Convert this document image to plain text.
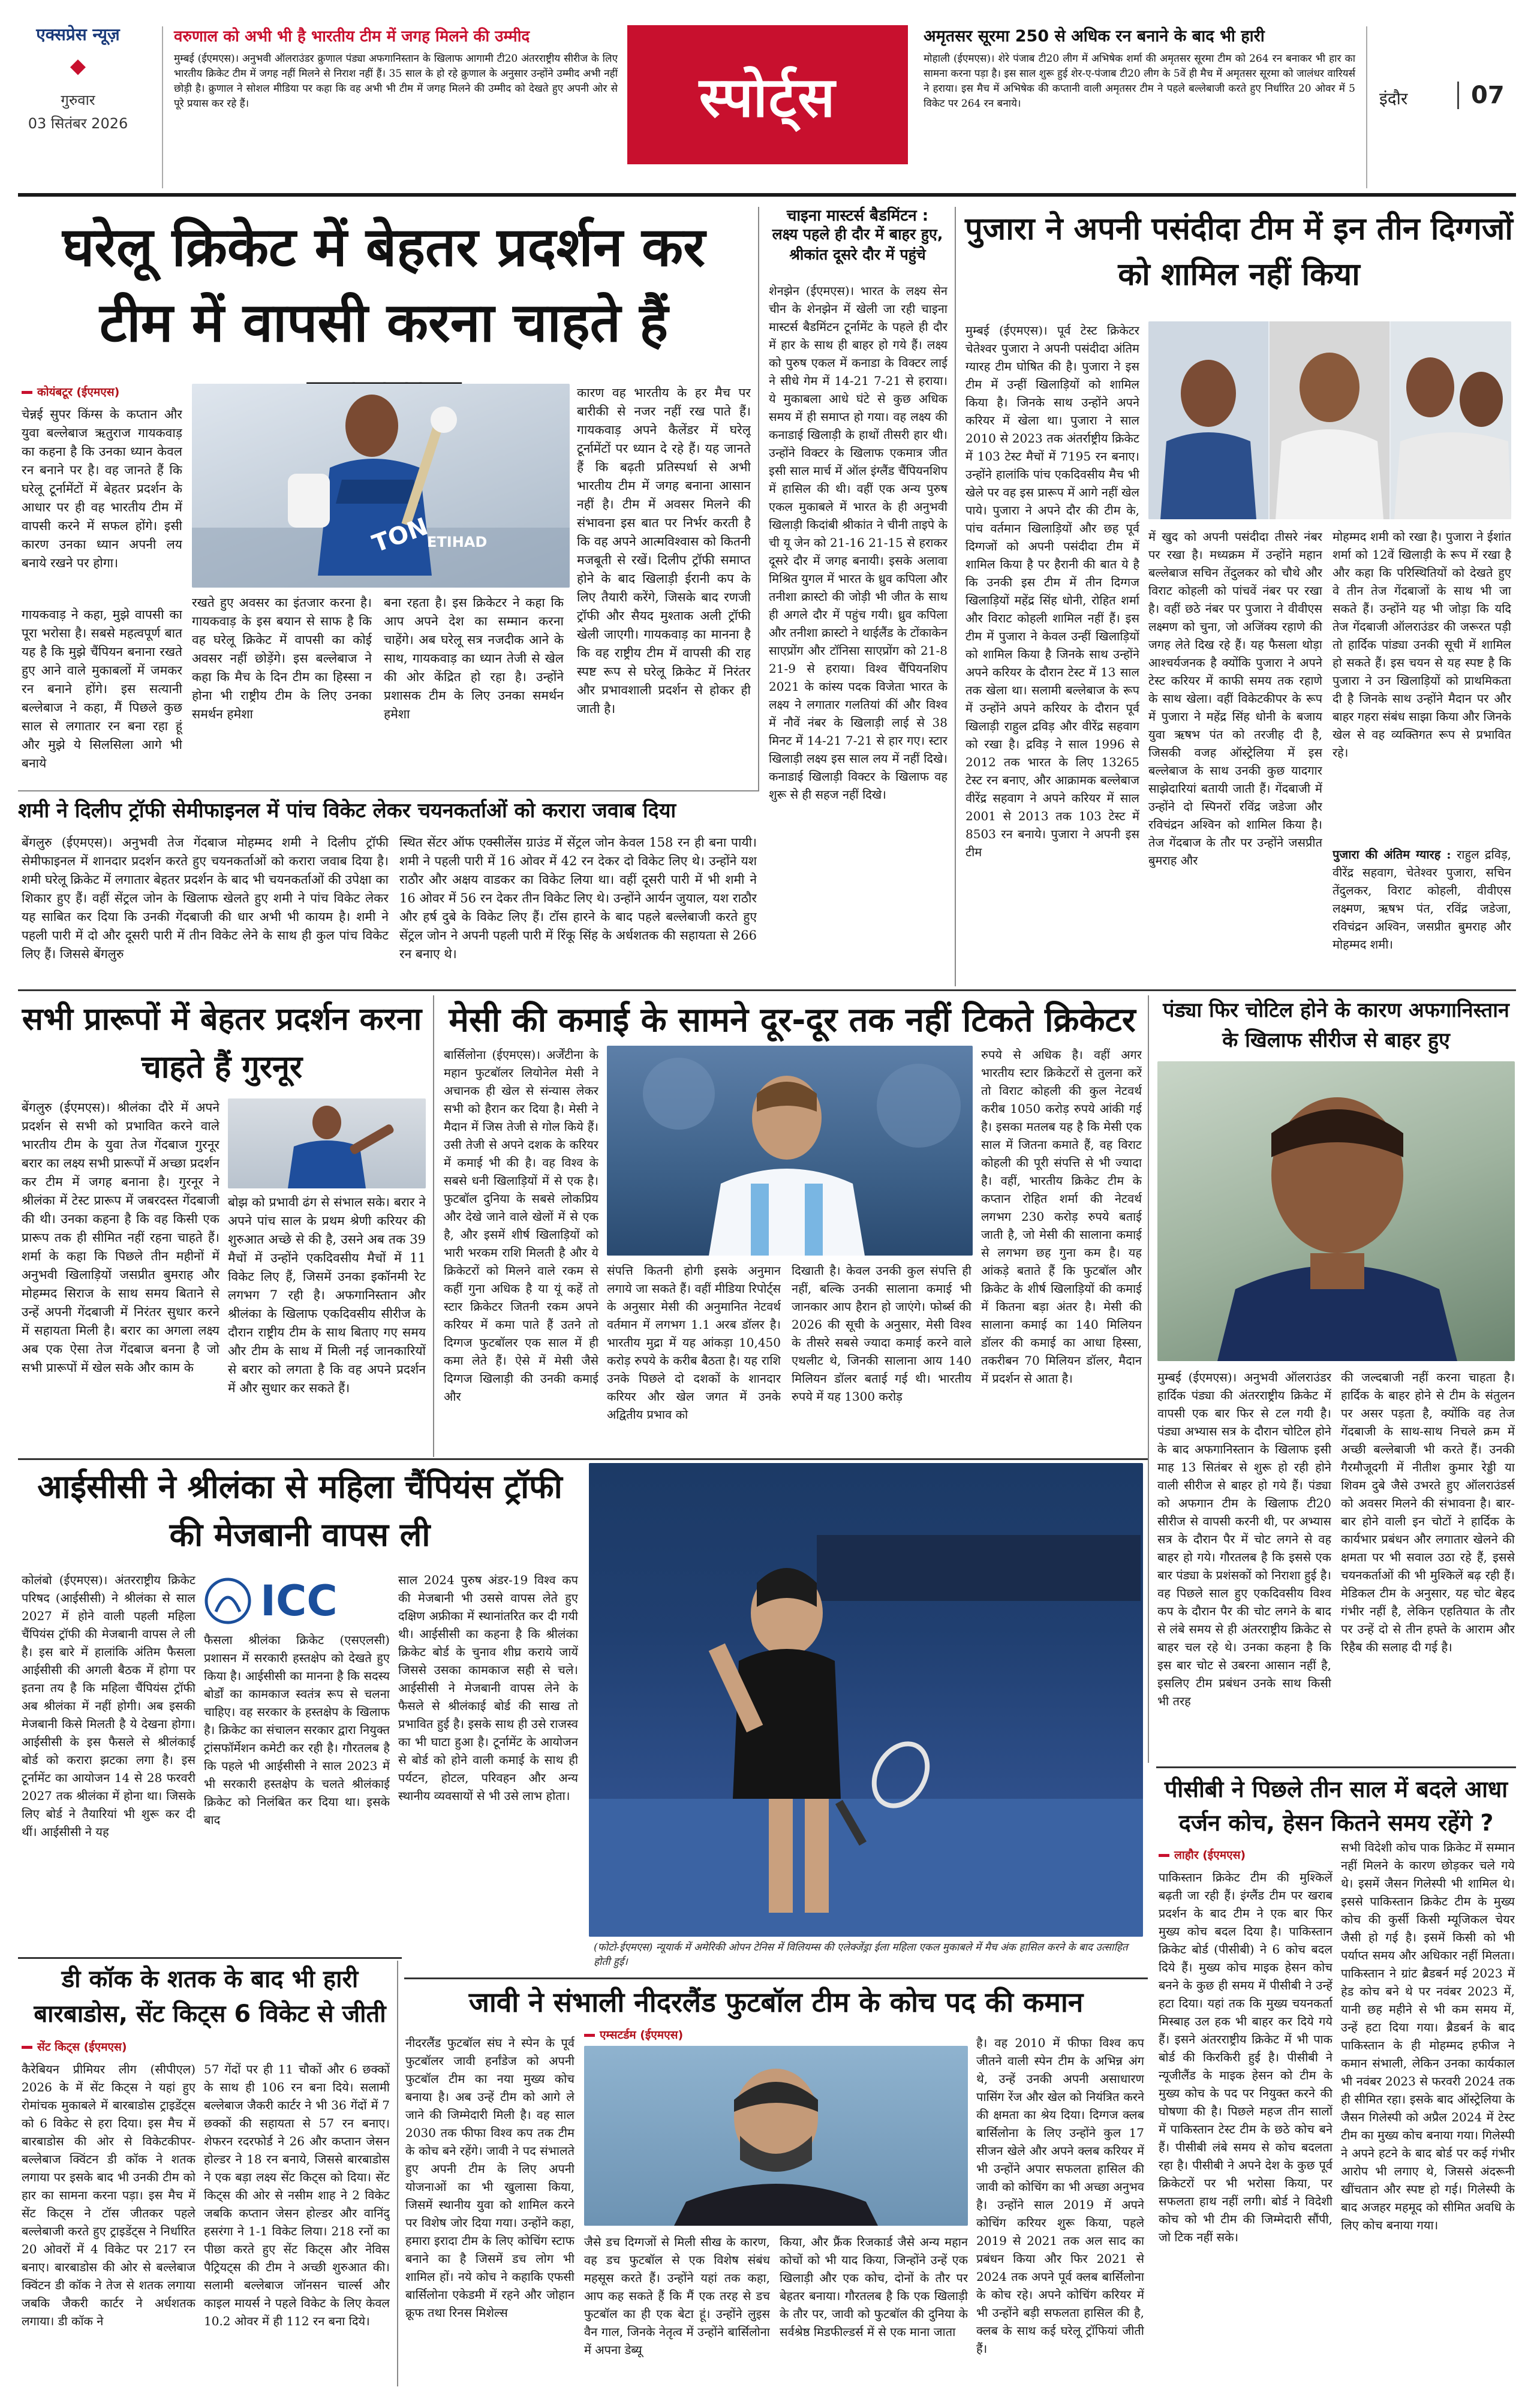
एक्सप्रेस न्यूज़
◆
गुरुवार
03 सितंबर 2026
वरुणाल को अभी भी है भारतीय टीम में जगह मिलने की उम्मीद
मुम्बई (ईएमएस)। अनुभवी ऑलराउंडर क्रुणाल पंड्या अफगानिस्तान के खिलाफ आगामी टी20 अंतरराष्ट्रीय सीरीज के लिए भारतीय क्रिकेट टीम में जगह नहीं मिलने से निराश नहीं हैं। 35 साल के हो रहे क्रुणाल के अनुसार उन्होंने उम्मीद अभी नहीं छोड़ी है। क्रुणाल ने सोशल मीडिया पर कहा कि वह अभी भी टीम में जगह मिलने की उम्मीद को देखते हुए अपनी ओर से पूरे प्रयास कर रहे हैं।	स्पोर्ट्स
अमृतसर सूरमा 250 से अधिक रन बनाने के बाद भी हारी
मोहाली (ईएमएस)। शेरे पंजाब टी20 लीग में अभिषेक शर्मा की अमृतसर सूरमा टीम को 264 रन बनाकर भी हार का सामना करना पड़ा है। इस साल शुरू हुई शेर-ए-पंजाब टी20 लीग के 5वें ही मैच में अमृतसर सूरमा को जालंधर वारियर्स ने हराया। इस मैच में अभिषेक की कप्तानी वाली अमृतसर टीम ने पहले बल्लेबाजी करते हुए निर्धारित 20 ओवर में 5 विकेट पर 264 रन बनाये।	इंदौर	07
घरेलू क्रिकेट में बेहतर प्रदर्शन कर टीम में वापसी करना चाहते हैं
कोयंबटूर (ईएमएस)
चेन्नई सुपर किंग्स के कप्तान और युवा बल्लेबाज ऋतुराज गायकवाड़ का कहना है कि उनका ध्यान केवल रन बनाने पर है। वह जानते हैं कि घरेलू टूर्नामेंटों में बेहतर प्रदर्शन के आधार पर ही वह भारतीय टीम में वापसी करने में सफल होंगे। इसी कारण उनका ध्यान अपनी लय बनाये रखने पर होगा।
TON
ETIHAD
गायकवाड़ ने कहा, मुझे वापसी का पूरा भरोसा है। सबसे महत्वपूर्ण बात यह है कि मुझे चैंपियन बनाना रखते हुए आने वाले मुकाबलों में जमकर रन बनाने होंगे। इस सत्यानी बल्लेबाज ने कहा, मैं पिछले कुछ साल से लगातार रन बना रहा हूं और मुझे ये सिलसिला आगे भी बनाये
रखते हुए अवसर का इंतजार करना है। गायकवाड़ के इस बयान से साफ है कि वह घरेलू क्रिकेट में वापसी का कोई अवसर नहीं छोड़ेंगे। इस बल्लेबाज ने कहा कि मैच के दिन टीम का हिस्सा न होना भी राष्ट्रीय टीम के लिए उनका समर्थन हमेशा
बना रहता है। इस क्रिकेटर ने कहा कि आप अपने देश का सम्मान करना चाहेंगे। अब घरेलू सत्र नजदीक आने के साथ, गायकवाड़ का ध्यान तेजी से खेल की ओर केंद्रित हो रहा है। उन्होंने प्रशासक टीम के लिए उनका समर्थन हमेशा
कारण वह भारतीय के हर मैच पर बारीकी से नजर नहीं रख पाते हैं। गायकवाड़ अपने कैलेंडर में घरेलू टूर्नामेंटों पर ध्यान दे रहे हैं। यह जानते हैं कि बढ़ती प्रतिस्पर्धा से अभी भारतीय टीम में जगह बनाना आसान नहीं है। टीम में अवसर मिलने की संभावना इस बात पर निर्भर करती है कि वह अपने आत्मविश्वास को कितनी मजबूती से रखें। दिलीप ट्रॉफी समाप्त होने के बाद खिलाड़ी ईरानी कप के लिए तैयारी करेंगे, जिसके बाद रणजी ट्रॉफी और सैयद मुश्ताक अली ट्रॉफी खेली जाएगी। गायकवाड़ का मानना है कि वह राष्ट्रीय टीम में वापसी की राह स्पष्ट रूप से घरेलू क्रिकेट में निरंतर और प्रभावशाली प्रदर्शन से होकर ही जाती है।
चाइना मास्टर्स बैडमिंटन :
लक्ष्य पहले ही दौर में बाहर हुए, श्रीकांत दूसरे दौर में पहुंचे
शेनझेन (ईएमएस)। भारत के लक्ष्य सेन चीन के शेनझेन में खेली जा रही चाइना मास्टर्स बैडमिंटन टूर्नामेंट के पहले ही दौर में हार के साथ ही बाहर हो गये हैं। लक्ष्य को पुरुष एकल में कनाडा के विक्टर लाई ने सीधे गेम में 14-21 7-21 से हराया। ये मुकाबला आधे घंटे से कुछ अधिक समय में ही समाप्त हो गया। वह लक्ष्य की कनाडाई खिलाड़ी के हाथों तीसरी हार थी। उन्होंने विक्टर के खिलाफ एकमात्र जीत इसी साल मार्च में ऑल इंग्लैंड चैंपियनशिप में हासिल की थी। वहीं एक अन्य पुरुष एकल मुकाबले में भारत के ही अनुभवी खिलाड़ी किदांबी श्रीकांत ने चीनी ताइपे के ची यू जेन को 21-16 21-15 से हराकर दूसरे दौर में जगह बनायी। इसके अलावा मिश्रित युगल में भारत के ध्रुव कपिला और तनीशा क्रास्टो की जोड़ी भी जीत के साथ ही अगले दौर में पहुंच गयी। ध्रुव कपिला और तनीशा क्रास्टो ने थाईलैंड के टोंकाकेन साएप्रोंग और टॉनिसा साएप्रोंग को 21-8 21-9 से हराया। विश्व चैंपियनशिप 2021 के कांस्य पदक विजेता भारत के लक्ष्य ने लगातार गलतियां कीं और विश्व में नौवें नंबर के खिलाड़ी लाई से 38 मिनट में 14-21 7-21 से हार गए। स्टार खिलाड़ी लक्ष्य इस साल लय में नहीं दिखे। कनाडाई खिलाड़ी विक्टर के खिलाफ वह शुरू से ही सहज नहीं दिखे।
पुजारा ने अपनी पसंदीदा टीम में इन तीन दिग्गजों को शामिल नहीं किया
मुम्बई (ईएमएस)। पूर्व टेस्ट क्रिकेटर चेतेश्वर पुजारा ने अपनी पसंदीदा अंतिम ग्यारह टीम घोषित की है। पुजारा ने इस टीम में उन्हीं खिलाड़ियों को शामिल किया है। जिनके साथ उन्होंने अपने करियर में खेला था। पुजारा ने साल 2010 से 2023 तक अंतर्राष्ट्रीय क्रिकेट में 103 टेस्ट मैचों में 7195 रन बनाए। उन्होंने हालांकि पांच एकदिवसीय मैच भी खेले पर वह इस प्रारूप में आगे नहीं खेल पाये। पुजारा ने अपने दौर की टीम के, पांच वर्तमान खिलाड़ियों और छह पूर्व दिग्गजों को अपनी पसंदीदा टीम में शामिल किया है पर हैरानी की बात ये है कि उनकी इस टीम में तीन दिग्गज खिलाड़ियों महेंद्र सिंह धोनी, रोहित शर्मा और विराट कोहली शामिल नहीं हैं। इस टीम में पुजारा ने केवल उन्हीं खिलाड़ियों को शामिल किया है जिनके साथ उन्होंने अपने करियर के दौरान टेस्ट में 13 साल तक खेला था। सलामी बल्लेबाज के रूप में उन्होंने अपने करियर के दौरान पूर्व खिलाड़ी राहुल द्रविड़ और वीरेंद्र सहवाग को रखा है। द्रविड़ ने साल 1996 से 2012 तक भारत के लिए 13265 टेस्ट रन बनाए, और आक्रामक बल्लेबाज वीरेंद्र सहवाग ने अपने करियर में साल 2001 से 2013 तक 103 टेस्ट में 8503 रन बनाये। पुजारा ने अपनी इस टीम
में खुद को अपनी पसंदीदा तीसरे नंबर पर रखा है। मध्यक्रम में उन्होंने महान बल्लेबाज सचिन तेंदुलकर को चौथे और विराट कोहली को पांचवें नंबर पर रखा है। वहीं छठे नंबर पर पुजारा ने वीवीएस लक्ष्मण को चुना, जो अजिंक्य रहाणे की जगह लेते दिख रहे हैं। यह फैसला थोड़ा आश्चर्यजनक है क्योंकि पुजारा ने अपने टेस्ट करियर में काफी समय तक रहाणे के साथ खेला। वहीं विकेटकीपर के रूप में पुजारा ने महेंद्र सिंह धोनी के बजाय युवा ऋषभ पंत को तरजीह दी है, जिसकी वजह ऑस्ट्रेलिया में इस बल्लेबाज के साथ उनकी कुछ यादगार साझेदारियां बतायी जाती हैं। गेंदबाजी में उन्होंने दो स्पिनरों रविंद्र जडेजा और रविचंद्रन अश्विन को शामिल किया है। तेज गेंदबाज के तौर पर उन्होंने जसप्रीत बुमराह और
मोहम्मद शमी को रखा है। पुजारा ने ईशांत शर्मा को 12वें खिलाड़ी के रूप में रखा है और कहा कि परिस्थितियों को देखते हुए वे तीन तेज गेंदबाजों के साथ भी जा सकते हैं। उन्होंने यह भी जोड़ा कि यदि तेज गेंदबाजी ऑलराउंडर की जरूरत पड़ी तो हार्दिक पांड्या उनकी सूची में शामिल हो सकते हैं। इस चयन से यह स्पष्ट है कि पुजारा ने उन खिलाड़ियों को प्राथमिकता दी है जिनके साथ उन्होंने मैदान पर और बाहर गहरा संबंध साझा किया और जिनके खेल से वह व्यक्तिगत रूप से प्रभावित रहे।
पुजारा की अंतिम ग्यारह : राहुल द्रविड़, वीरेंद्र सहवाग, चेतेश्वर पुजारा, सचिन तेंदुलकर, विराट कोहली, वीवीएस लक्ष्मण, ऋषभ पंत, रविंद्र जडेजा, रविचंद्रन अश्विन, जसप्रीत बुमराह और मोहम्मद शमी।
शमी ने दिलीप ट्रॉफी सेमीफाइनल में पांच विकेट लेकर चयनकर्ताओं को करारा जवाब दिया
बेंगलुरु (ईएमएस)। अनुभवी तेज गेंदबाज मोहम्मद शमी ने दिलीप ट्रॉफी सेमीफाइनल में शानदार प्रदर्शन करते हुए चयनकर्ताओं को करारा जवाब दिया है। शमी घरेलू क्रिकेट में लगातार बेहतर प्रदर्शन के बाद भी चयनकर्ताओं की उपेक्षा का शिकार हुए हैं। वहीं सेंट्रल जोन के खिलाफ खेलते हुए शमी ने पांच विकेट लेकर यह साबित कर दिया कि उनकी गेंदबाजी की धार अभी भी कायम है। शमी ने पहली पारी में दो और दूसरी पारी में तीन विकेट लेने के साथ ही कुल पांच विकेट लिए हैं। जिससे बेंगलुरु
स्थित सेंटर ऑफ एक्सीलेंस ग्राउंड में सेंट्रल जोन केवल 158 रन ही बना पायी। शमी ने पहली पारी में 16 ओवर में 42 रन देकर दो विकेट लिए थे। उन्होंने यश राठौर और अक्षय वाडकर का विकेट लिया था। वहीं दूसरी पारी में भी शमी ने 16 ओवर में 56 रन देकर तीन विकेट लिए थे। उन्होंने आर्यन जुयाल, यश राठौर और हर्ष दुबे के विकेट लिए हैं। टॉस हारने के बाद पहले बल्लेबाजी करते हुए सेंट्रल जोन ने अपनी पहली पारी में रिंकू सिंह के अर्धशतक की सहायता से 266 रन बनाए थे।
सभी प्रारूपों में बेहतर प्रदर्शन करना चाहते हैं गुरनूर
बेंगलुरु (ईएमएस)। श्रीलंका दौरे में अपने प्रदर्शन से सभी को प्रभावित करने वाले भारतीय टीम के युवा तेज गेंदबाज गुरनूर बरार का लक्ष्य सभी प्रारूपों में अच्छा प्रदर्शन कर टीम में जगह बनाना है। गुरनूर ने श्रीलंका में टेस्ट प्रारूप में जबरदस्त गेंदबाजी की थी। उनका कहना है कि वह किसी एक प्रारूप तक ही सीमित नहीं रहना चाहते हैं। शर्मा के कहा कि पिछले तीन महीनों में अनुभवी खिलाड़ियों जसप्रीत बुमराह और मोहम्मद सिराज के साथ समय बिताने से उन्हें अपनी गेंदबाजी में निरंतर सुधार करने में सहायता मिली है। बरार का अगला लक्ष्य अब एक ऐसा तेज गेंदबाज बनना है जो सभी प्रारूपों में खेल सके और काम के
बोझ को प्रभावी ढंग से संभाल सके। बरार ने अपने पांच साल के प्रथम श्रेणी करियर की शुरुआत अच्छे से की है, उसने अब तक 39 मैचों में उन्होंने एकदिवसीय मैचों में 11 विकेट लिए हैं, जिसमें उनका इकॉनमी रेट लगभग 7 रही है। अफगानिस्तान और श्रीलंका के खिलाफ एकदिवसीय सीरीज के दौरान राष्ट्रीय टीम के साथ बिताए गए समय और टीम के साथ में मिली नई जानकारियों से बरार को लगता है कि वह अपने प्रदर्शन में और सुधार कर सकते हैं।
मेसी की कमाई के सामने दूर-दूर तक नहीं टिकते क्रिकेटर
बार्सिलोना (ईएमएस)। अर्जेंटीना के महान फुटबॉलर लियोनेल मेसी ने अचानक ही खेल से संन्यास लेकर सभी को हैरान कर दिया है। मेसी ने मैदान में जिस तेजी से गोल किये हैं। उसी तेजी से अपने दशक के करियर में कमाई भी की है। वह विश्व के सबसे धनी खिलाड़ियों में से एक है। फुटबॉल दुनिया के सबसे लोकप्रिय और देखे जाने वाले खेलों में से एक है, और इसमें शीर्ष खिलाड़ियों को भारी भरकम राशि मिलती है और ये क्रिकेटरों को मिलने वाले रकम से कहीं गुना अधिक है या यूं कहें तो स्टार क्रिकेटर जितनी रकम अपने करियर में कमा पाते हैं उतने तो दिग्गज फुटबॉलर एक साल में ही कमा लेते हैं। ऐसे में मेसी जैसे दिग्गज खिलाड़ी की उनकी कमाई और
संपत्ति कितनी होगी इसके अनुमान लगाये जा सकते हैं। वहीं मीडिया रिपोर्ट्स के अनुसार मेसी की अनुमानित नेटवर्थ वर्तमान में लगभग 1.1 अरब डॉलर है। भारतीय मुद्रा में यह आंकड़ा 10,450 करोड़ रुपये के करीब बैठता है। यह राशि उनके पिछले दो दशकों के शानदार करियर और खेल जगत में उनके अद्वितीय प्रभाव को
दिखाती है। केवल उनकी कुल संपत्ति ही नहीं, बल्कि उनकी सालाना कमाई भी जानकार आप हैरान हो जाएंगे। फोर्ब्स की 2026 की सूची के अनुसार, मेसी विश्व के तीसरे सबसे ज्यादा कमाई करने वाले एथलीट थे, जिनकी सालाना आय 140 मिलियन डॉलर बताई गई थी। भारतीय रुपये में यह 1300 करोड़
रुपये से अधिक है। वहीं अगर भारतीय स्टार क्रिकेटरों से तुलना करें तो विराट कोहली की कुल नेटवर्थ करीब 1050 करोड़ रुपये आंकी गई है। इसका मतलब यह है कि मेसी एक साल में जितना कमाते हैं, वह विराट कोहली की पूरी संपत्ति से भी ज्यादा है। वहीं, भारतीय क्रिकेट टीम के कप्तान रोहित शर्मा की नेटवर्थ लगभग 230 करोड़ रुपये बताई जाती है, जो मेसी की सालाना कमाई से लगभग छह गुना कम है। यह आंकड़े बताते हैं कि फुटबॉल और क्रिकेट के शीर्ष खिलाड़ियों की कमाई में कितना बड़ा अंतर है। मेसी की सालाना कमाई का 140 मिलियन डॉलर की कमाई का आधा हिस्सा, तकरीबन 70 मिलियन डॉलर, मैदान में प्रदर्शन से आता है।
पंड्या फिर चोटिल होने के कारण अफगानिस्तान के खिलाफ सीरीज से बाहर हुए
मुम्बई (ईएमएस)। अनुभवी ऑलराउंडर हार्दिक पंड्या की अंतरराष्ट्रीय क्रिकेट में वापसी एक बार फिर से टल गयी है। पंड्या अभ्यास सत्र के दौरान चोटिल होने के बाद अफगानिस्तान के खिलाफ इसी माह 13 सितंबर से शुरू हो रही होने वाली सीरीज से बाहर हो गये हैं। पंड्या को अफगान टीम के खिलाफ टी20 सीरीज से वापसी करनी थी, पर अभ्यास सत्र के दौरान पैर में चोट लगने से वह बाहर हो गये। गौरतलब है कि इससे एक बार पंड्या के प्रशंसकों को निराशा हुई है। वह पिछले साल हुए एकदिवसीय विश्व कप के दौरान पैर की चोट लगने के बाद से लंबे समय से ही अंतरराष्ट्रीय क्रिकेट से बाहर चल रहे थे। उनका कहना है कि इस बार चोट से उबरना आसान नहीं है, इसलिए टीम प्रबंधन उनके साथ किसी भी तरह
की जल्दबाजी नहीं करना चाहता है। हार्दिक के बाहर होने से टीम के संतुलन पर असर पड़ता है, क्योंकि वह तेज गेंदबाजी के साथ-साथ निचले क्रम में अच्छी बल्लेबाजी भी करते हैं। उनकी गैरमौजूदगी में नीतीश कुमार रेड्डी या शिवम दुबे जैसे उभरते हुए ऑलराउंडर्स को अवसर मिलने की संभावना है। बार-बार होने वाली इन चोटों ने हार्दिक के कार्यभार प्रबंधन और लगातार खेलने की क्षमता पर भी सवाल उठा रहे हैं, इससे चयनकर्ताओं की भी मुश्किलें बढ़ रही हैं। मेडिकल टीम के अनुसार, यह चोट बेहद गंभीर नहीं है, लेकिन एहतियात के तौर पर उन्हें दो से तीन हफ्ते के आराम और रिहैब की सलाह दी गई है।
आईसीसी ने श्रीलंका से महिला चैंपियंस ट्रॉफी की मेजबानी वापस ली
कोलंबो (ईएमएस)। अंतरराष्ट्रीय क्रिकेट परिषद (आईसीसी) ने श्रीलंका से साल 2027 में होने वाली पहली महिला चैंपियंस ट्रॉफी की मेजबानी वापस ले ली है। इस बारे में हालांकि अंतिम फैसला आईसीसी की अगली बैठक में होगा पर इतना तय है कि महिला चैंपियंस ट्रॉफी अब श्रीलंका में नहीं होगी। अब इसकी मेजबानी किसे मिलती है ये देखना होगा। आईसीसी के इस फैसले से श्रीलंकाई बोर्ड को करारा झटका लगा है। इस टूर्नामेंट का आयोजन 14 से 28 फरवरी 2027 तक श्रीलंका में होना था। जिसके लिए बोर्ड ने तैयारियां भी शुरू कर दी थीं। आईसीसी ने यह
ICC
फैसला श्रीलंका क्रिकेट (एसएलसी) प्रशासन में सरकारी हस्तक्षेप को देखते हुए किया है। आईसीसी का मानना है कि सदस्य बोर्डों का कामकाज स्वतंत्र रूप से चलना चाहिए। वह सरकार के हस्तक्षेप के खिलाफ है। क्रिकेट का संचालन सरकार द्वारा नियुक्त ट्रांसफॉर्मेशन कमेटी कर रही है। गौरतलब है कि पहले भी आईसीसी ने साल 2023 में भी सरकारी हस्तक्षेप के चलते श्रीलंकाई क्रिकेट को निलंबित कर दिया था। इसके बाद
साल 2024 पुरुष अंडर-19 विश्व कप की मेजबानी भी उससे वापस लेते हुए दक्षिण अफ्रीका में स्थानांतरित कर दी गयी थी। आईसीसी का कहना है कि श्रीलंका क्रिकेट बोर्ड के चुनाव शीघ्र कराये जायें जिससे उसका कामकाज सही से चले। आईसीसी ने मेजबानी वापस लेने के फैसले से श्रीलंकाई बोर्ड की साख तो प्रभावित हुई है। इसके साथ ही उसे राजस्व का भी घाटा हुआ है। टूर्नामेंट के आयोजन से बोर्ड को होने वाली कमाई के साथ ही पर्यटन, होटल, परिवहन और अन्य स्थानीय व्यवसायों से भी उसे लाभ होता।
(फोटो-ईएमएस) न्यूयार्क में अमेरिकी ओपन टेनिस में विलियम्स की एलेक्जेंड्रा ईला महिला एकल मुकाबले में मैच अंक हासिल करने के बाद उत्साहित होती हुई।
पीसीबी ने पिछले तीन साल में बदले आधा दर्जन कोच, हेसन कितने समय रहेंगे ?
लाहौर (ईएमएस)
पाकिस्तान क्रिकेट टीम की मुश्किलें बढ़ती जा रही हैं। इंग्लैंड टीम पर खराब प्रदर्शन के बाद टीम ने एक बार फिर मुख्य कोच बदल दिया है। पाकिस्तान क्रिकेट बोर्ड (पीसीबी) ने 6 कोच बदल दिये हैं। मुख्य कोच माइक हेसन कोच बनने के कुछ ही समय में पीसीबी ने उन्हें हटा दिया। यहां तक कि मुख्य चयनकर्ता मिस्बाह उल हक भी बाहर कर दिये गये हैं। इसने अंतरराष्ट्रीय क्रिकेट में भी पाक बोर्ड की किरकिरी हुई है। पीसीबी ने न्यूजीलैंड के माइक हेसन को टीम के मुख्य कोच के पद पर नियुक्त करने की घोषणा की है। पिछले महज तीन सालों में पाकिस्तान टेस्ट टीम के छठे कोच बने हैं। पीसीबी लंबे समय से कोच बदलता रहा है। पीसीबी ने अपने देश के कुछ पूर्व क्रिकेटरों पर भी भरोसा किया, पर सफलता हाथ नहीं लगी। बोर्ड ने विदेशी कोच को भी टीम की जिम्मेदारी सौंपी, जो टिक नहीं सके।
सभी विदेशी कोच पाक क्रिकेट में सम्मान नहीं मिलने के कारण छोड़कर चले गये थे। इसमें जैसन गिलेस्पी भी शामिल थे। इससे पाकिस्तान क्रिकेट टीम के मुख्य कोच की कुर्सी किसी म्यूजिकल चेयर जैसी हो गई है। इसमें किसी को भी पर्याप्त समय और अधिकार नहीं मिलता। पाकिस्तान ने ग्रांट ब्रैडबर्न मई 2023 में हेड कोच बने थे पर नवंबर 2023 में, यानी छह महीने से भी कम समय में, उन्हें हटा दिया गया। ब्रैडबर्न के बाद पाकिस्तान के ही मोहम्मद हफीज ने कमान संभाली, लेकिन उनका कार्यकाल भी नवंबर 2023 से फरवरी 2024 तक ही सीमित रहा। इसके बाद ऑस्ट्रेलिया के जैसन गिलेस्पी को अप्रैल 2024 में टेस्ट टीम का मुख्य कोच बनाया गया। गिलेस्पी ने अपने हटने के बाद बोर्ड पर कई गंभीर आरोप भी लगाए थे, जिससे अंदरूनी खींचतान और स्पष्ट हो गई। गिलेस्पी के बाद अजहर महमूद को सीमित अवधि के लिए कोच बनाया गया।
डी कॉक के शतक के बाद भी हारी बारबाडोस, सेंट किट्स 6 विकेट से जीती
सेंट किट्स (ईएमएस)
कैरेबियन प्रीमियर लीग (सीपीएल) 2026 के में सेंट किट्स ने यहां हुए रोमांचक मुकाबले में बारबाडोस ट्राइडेंट्स को 6 विकेट से हरा दिया। इस मैच में बारबाडोस की ओर से विकेटकीपर-बल्लेबाज क्विंटन डी कॉक ने शतक लगाया पर इसके बाद भी उनकी टीम को हार का सामना करना पड़ा। इस मैच में सेंट किट्स ने टॉस जीतकर पहले बल्लेबाजी करते हुए ट्राइडेंट्स ने निर्धारित 20 ओवरों में 4 विकेट पर 217 रन बनाए। बारबाडोस की ओर से बल्लेबाज क्विंटन डी कॉक ने तेज से शतक लगाया जबकि जैकरी कार्टर ने अर्धशतक लगाया। डी कॉक ने
57 गेंदों पर ही 11 चौकों और 6 छक्कों के साथ ही 106 रन बना दिये। सलामी बल्लेबाज जैकरी कार्टर ने भी 36 गेंदों में 7 छक्कों की सहायता से 57 रन बनाए। शेफरन रदरफोर्ड ने 26 और कप्तान जेसन होल्डर ने 18 रन बनाये, जिससे बारबाडोस ने एक बड़ा लक्ष्य सेंट किट्स को दिया। सेंट किट्स की ओर से नसीम शाह ने 2 विकेट जबकि कप्तान जेसन होल्डर और वानिंदु हसरंगा ने 1-1 विकेट लिया। 218 रनों का पीछा करते हुए सेंट किट्स और नेविस पैट्रियट्स की टीम ने अच्छी शुरुआत की। सलामी बल्लेबाज जॉनसन चार्ल्स और काइल मायर्स ने पहले विकेट के लिए केवल 10.2 ओवर में ही 112 रन बना दिये।
जावी ने संभाली नीदरलैंड फुटबॉल टीम के कोच पद की कमान
एम्सटर्डम (ईएमएस)
नीदरलैंड फुटबॉल संघ ने स्पेन के पूर्व फुटबॉलर जावी हर्नांडेज को अपनी फुटबॉल टीम का नया मुख्य कोच बनाया है। अब उन्हें टीम को आगे ले जाने की जिम्मेदारी मिली है। वह साल 2030 तक फीफा विश्व कप तक टीम के कोच बने रहेंगे। जावी ने पद संभालते हुए अपनी टीम के लिए अपनी योजनाओं का भी खुलासा किया, जिसमें स्थानीय युवा को शामिल करने पर विशेष जोर दिया गया। उन्होंने कहा, हमारा इरादा टीम के लिए कोचिंग स्टाफ बनाने का है जिसमें डच लोग भी शामिल हों। नये कोच ने कहाकि एफसी बार्सिलोना एकेडमी में रहने और जोहान क्रूफ तथा रिनस मिशेल्स
जैसे डच दिग्गजों से मिली सीख के कारण, वह डच फुटबॉल से एक विशेष संबंध महसूस करते हैं। उन्होंने यहां तक कहा, आप कह सकते हैं कि मैं एक तरह से डच फुटबॉल का ही एक बेटा हूं। उन्होंने लुइस वैन गाल, जिनके नेतृत्व में उन्होंने बार्सिलोना में अपना डेब्यू
किया, और फ्रैंक रिजकार्ड जैसे अन्य महान कोचों को भी याद किया, जिन्होंने उन्हें एक खिलाड़ी और एक कोच, दोनों के तौर पर बेहतर बनाया। गौरतलब है कि एक खिलाड़ी के तौर पर, जावी को फुटबॉल की दुनिया के सर्वश्रेष्ठ मिडफील्डर्स में से एक माना जाता
है। वह 2010 में फीफा विश्व कप जीतने वाली स्पेन टीम के अभिन्न अंग थे, उन्हें उनकी अपनी असाधारण पासिंग रेंज और खेल को नियंत्रित करने की क्षमता का श्रेय दिया। दिग्गज क्लब बार्सिलोना के लिए उन्होंने कुल 17 सीजन खेले और अपने क्लब करियर में भी उन्होंने अपार सफलता हासिल की जावी को कोचिंग का भी अच्छा अनुभव है। उन्होंने साल 2019 में अपने कोचिंग करियर शुरू किया, पहले 2019 से 2021 तक अल साद का प्रबंधन किया और फिर 2021 से 2024 तक अपने पूर्व क्लब बार्सिलोना के कोच रहे। अपने कोचिंग करियर में भी उन्होंने बड़ी सफलता हासिल की है, क्लब के साथ कई घरेलू ट्रॉफियां जीती हैं।
